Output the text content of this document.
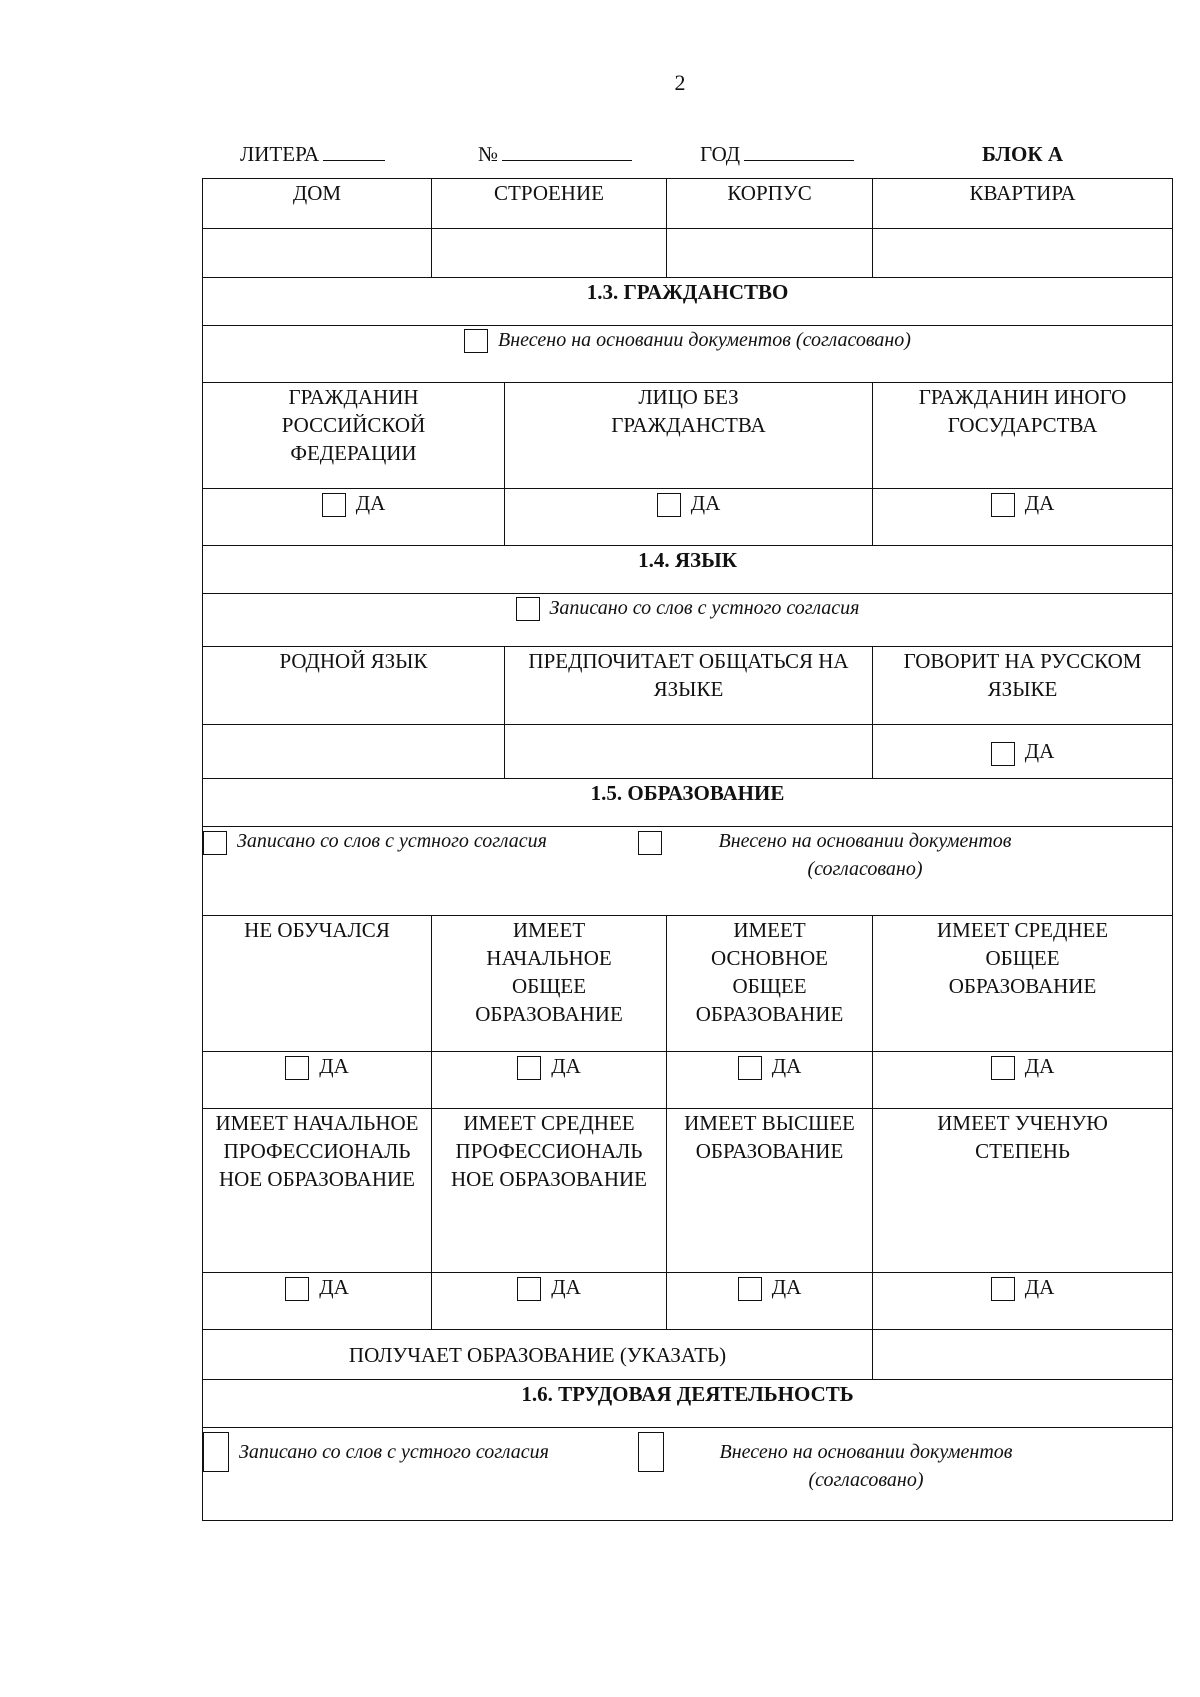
2
ЛИТЕРА	№	ГОД	БЛОК А
ДОМ	СТРОЕНИЕ		КОРПУС	КВАРТИРА

1.3. ГРАЖДАНСТВО				
Внесено на основании документов (согласовано)				

ГРАЖДАНИН РОССИЙСКОЙ ФЕДЕРАЦИИ		ЛИЦО БЕЗ ГРАЖДАНСТВА		ГРАЖДАНИН ИНОГО ГОСУДАРСТВА

ДА		ДА		ДА
1.4. ЯЗЫК				
Записано со слов с устного согласия				
РОДНОЙ ЯЗЫК		ПРЕДПОЧИТАЕТ ОБЩАТЬСЯ НА ЯЗЫКЕ		ГОВОРИТ НА РУССКОМ ЯЗЫКЕ

				ДА
1.5. ОБРАЗОВАНИЕ				

Записано со слов с устного согласия Внесено на основании документов (согласовано)				

НЕ ОБУЧАЛСЯ	ИМЕЕТ НАЧАЛЬНОЕ ОБЩЕЕ ОБРАЗОВАНИЕ		ИМЕЕТ ОСНОВНОЕ ОБЩЕЕ ОБРАЗОВАНИЕ	ИМЕЕТ СРЕДНЕЕ ОБЩЕЕ ОБРАЗОВАНИЕ

ДА	ДА		ДА	ДА
ИМЕЕТ НАЧАЛЬНОЕ ПРОФЕССИОНАЛЬ НОЕ ОБРАЗОВАНИЕ	ИМЕЕТ СРЕДНЕЕ ПРОФЕССИОНАЛЬ НОЕ ОБРАЗОВАНИЕ		ИМЕЕТ ВЫСШЕЕ ОБРАЗОВАНИЕ	ИМЕЕТ УЧЕНУЮ СТЕПЕНЬ

ДА	ДА		ДА	ДА
ПОЛУЧАЕТ ОБРАЗОВАНИЕ (УКАЗАТЬ)				
1.6. ТРУДОВАЯ ДЕЯТЕЛЬНОСТЬ				

Записано со слов с устного согласия Внесено на основании документов (согласовано)				
